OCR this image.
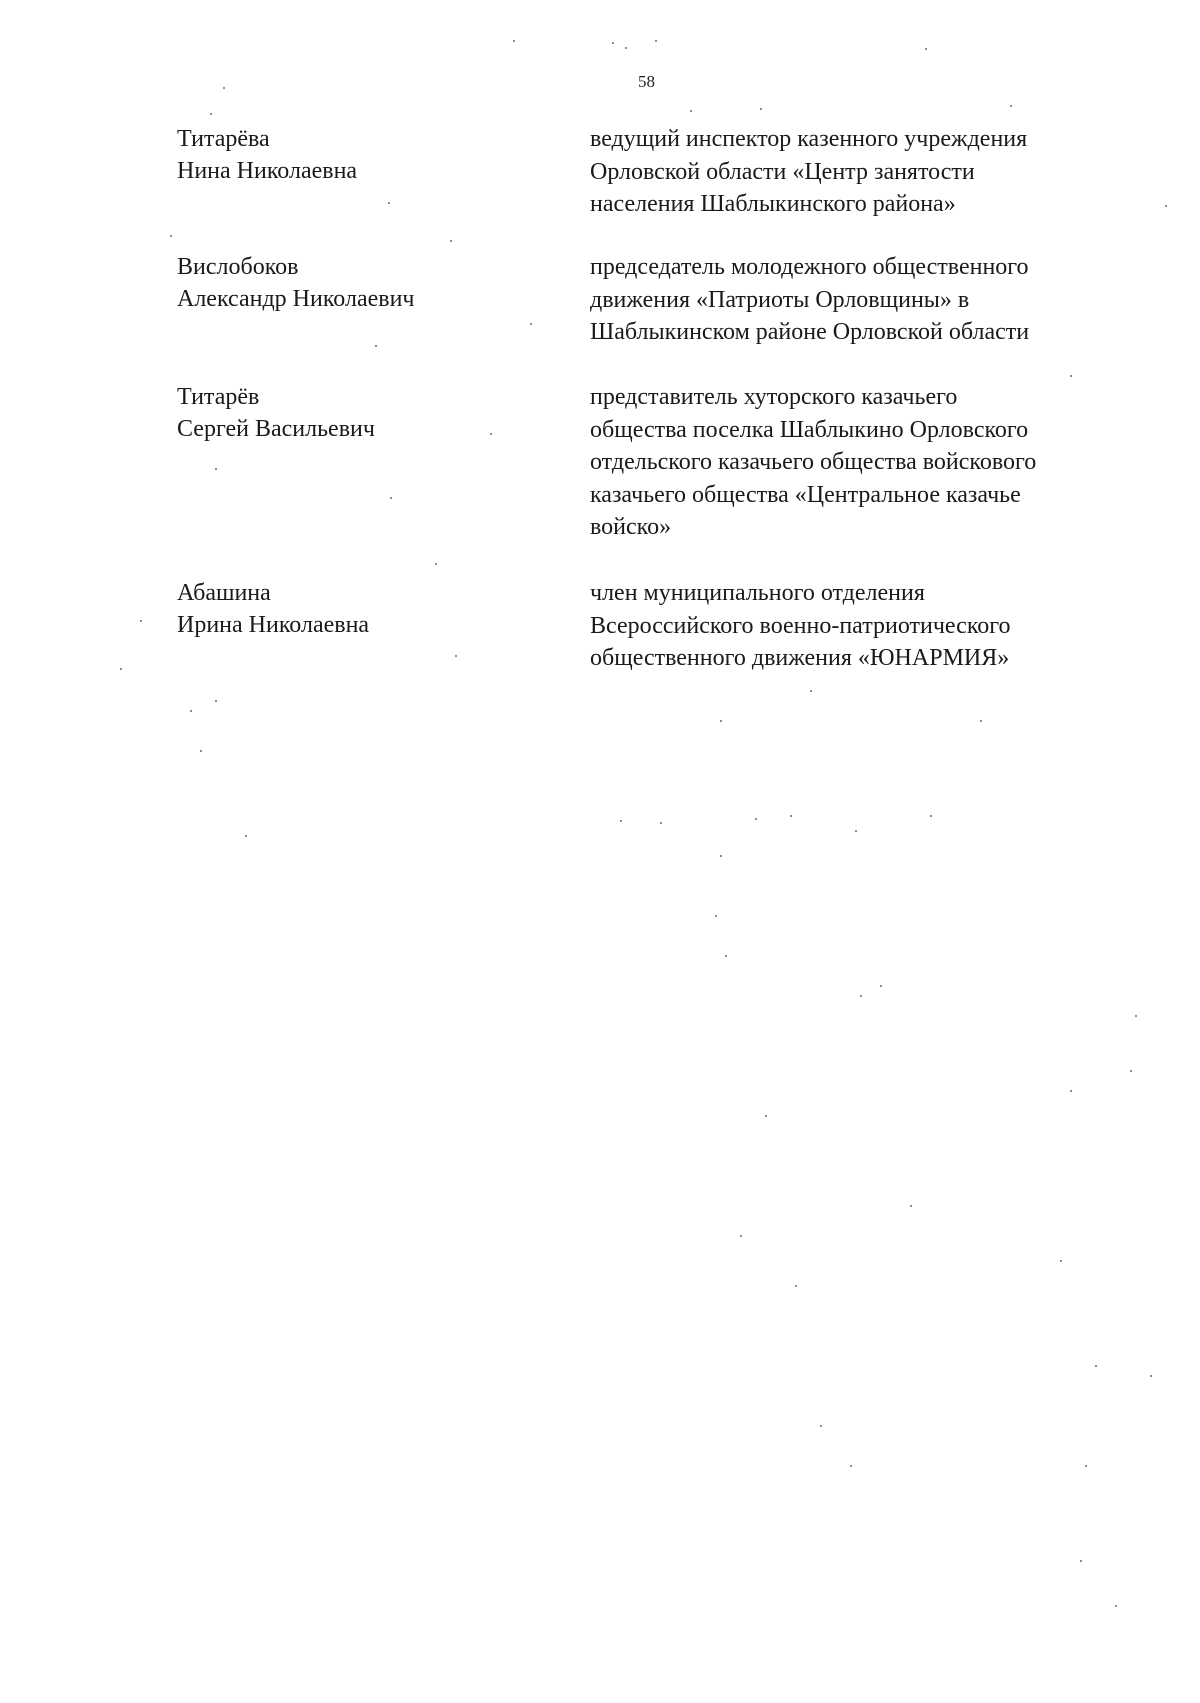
58
Титарёва
Нина Николаевна
ведущий инспектор казенного учреждения
Орловской области «Центр занятости
населения Шаблыкинского района»
Вислобоков
Александр Николаевич
председатель молодежного общественного
движения «Патриоты Орловщины» в
Шаблыкинском районе Орловской области
Титарёв
Сергей Васильевич
представитель хуторского казачьего
общества поселка Шаблыкино Орловского
отдельского казачьего общества войскового
казачьего общества «Центральное казачье
войско»
Абашина
Ирина Николаевна
член муниципального отделения
Всероссийского военно-патриотического
общественного движения «ЮНАРМИЯ»
